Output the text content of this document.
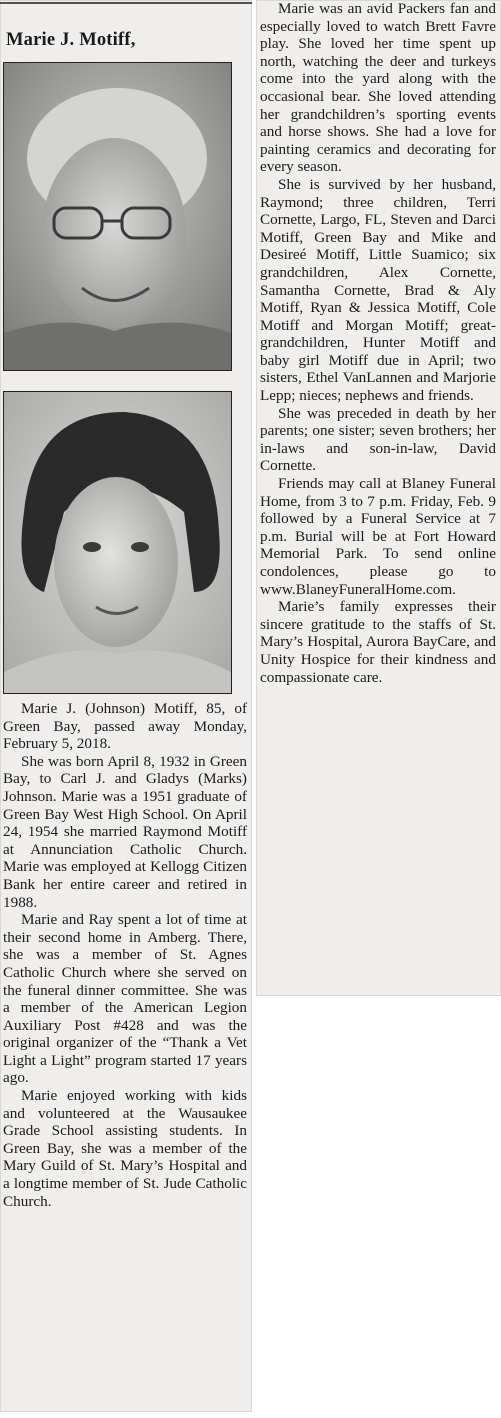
Marie J. Motiff,

Marie J. (Johnson) Motiff, 85, of Green Bay, passed away Monday, February 5, 2018.

She was born April 8, 1932 in Green Bay, to Carl J. and Gladys (Marks) Johnson. Marie was a 1951 graduate of Green Bay West High School. On April 24, 1954 she married Raymond Motiff at Annunciation Catholic Church. Marie was employed at Kellogg Citizen Bank her entire career and retired in 1988.

Marie and Ray spent a lot of time at their second home in Amberg. There, she was a member of St. Agnes Catholic Church where she served on the funeral dinner committee. She was a member of the American Legion Auxiliary Post #428 and was the original organizer of the “Thank a Vet Light a Light” program started 17 years ago.

Marie enjoyed working with kids and volunteered at the Wausaukee Grade School assisting students. In Green Bay, she was a member of the Mary Guild of St. Mary’s Hospital and a longtime member of St. Jude Catholic Church.

Marie was an avid Packers fan and especially loved to watch Brett Favre play. She loved her time spent up north, watching the deer and turkeys come into the yard along with the occasional bear. She loved attending her grandchildren’s sporting events and horse shows. She had a love for painting ceramics and decorating for every season.

She is survived by her husband, Raymond; three children, Terri Cornette, Largo, FL, Steven and Darci Motiff, Green Bay and Mike and Desireé Motiff, Little Suamico; six grandchildren, Alex Cornette, Samantha Cornette, Brad & Aly Motiff, Ryan & Jessica Motiff, Cole Motiff and Morgan Motiff; great-grandchildren, Hunter Motiff and baby girl Motiff due in April; two sisters, Ethel VanLannen and Marjorie Lepp; nieces; nephews and friends.

She was preceded in death by her parents; one sister; seven brothers; her in-laws and son-in-law, David Cornette.

Friends may call at Blaney Funeral Home, from 3 to 7 p.m. Friday, Feb. 9 followed by a Funeral Service at 7 p.m. Burial will be at Fort Howard Memorial Park. To send online condolences, please go to www.BlaneyFuneralHome.com.

Marie’s family expresses their sincere gratitude to the staffs of St. Mary’s Hospital, Aurora BayCare, and Unity Hospice for their kindness and compassionate care.
